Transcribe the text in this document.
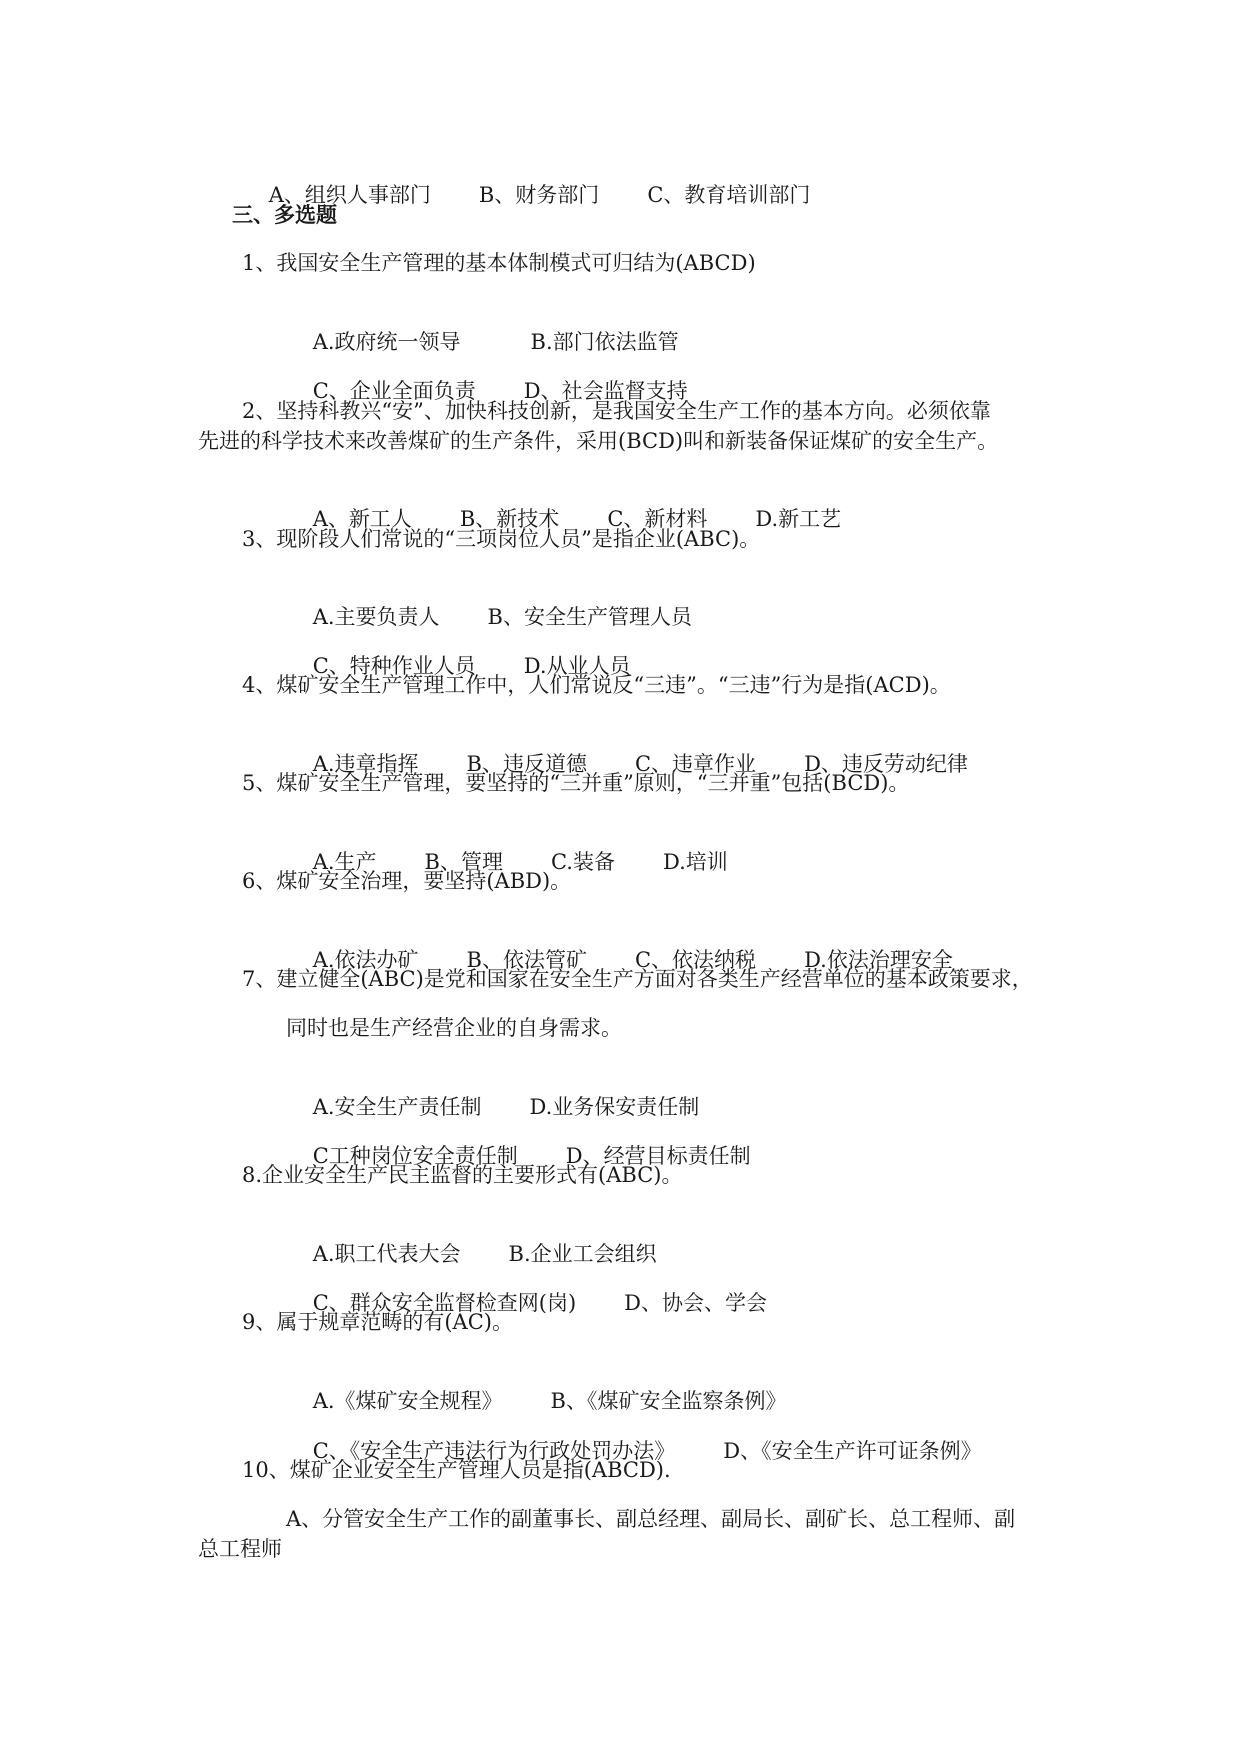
A、组织人事部门 B、财务部门 C、教育培训部门

三、多选题
1、我国安全生产管理的基本体制模式可归结为(ABCD)

A.政府统一领导	B.部门依法监管

C、企业全面负责 D、社会监督支持

2、坚持科教兴“安”、加快科技创新，是我国安全生产工作的基本方向。必须依靠
先进的科学技术来改善煤矿的生产条件，采用(BCD)叫和新装备保证煤矿的安全生产。

A、新工人 B、新技术 C、新材料 D.新工艺

3、现阶段人们常说的“三项岗位人员”是指企业(ABC)。

A.主要负责人 B、安全生产管理人员

C、特种作业人员 D.从业人员

4、煤矿安全生产管理工作中，人们常说反“三违”。“三违”行为是指(ACD)。

A.违章指挥 B、违反道德 C、违章作业 D、违反劳动纪律

5、煤矿安全生产管理，要坚持的“三并重”原则，“三并重”包括(BCD)。

A.生产 B、管理 C.装备 D.培训

6、煤矿安全治理，要坚持(ABD)。

A.依法办矿 B、依法管矿 C、依法纳税 D.依法治理安全

7、建立健全(ABC)是党和国家在安全生产方面对各类生产经营单位的基本政策要求，
同时也是生产经营企业的自身需求。

A.安全生产责任制 D.业务保安责任制

C工种岗位安全责任制 D、经营目标责任制

8.企业安全生产民主监督的主要形式有(ABC)。

A.职工代表大会 B.企业工会组织

C、群众安全监督检查网(岗) D、协会、学会

9、属于规章范畴的有(AC)。

A.《煤矿安全规程》 B、《煤矿安全监察条例》

C、《安全生产违法行为行政处罚办法》 D、《安全生产许可证条例》

10、煤矿企业安全生产管理人员是指(ABCD).
A、分管安全生产工作的副董事长、副总经理、副局长、副矿长、总工程师、副
总工程师
